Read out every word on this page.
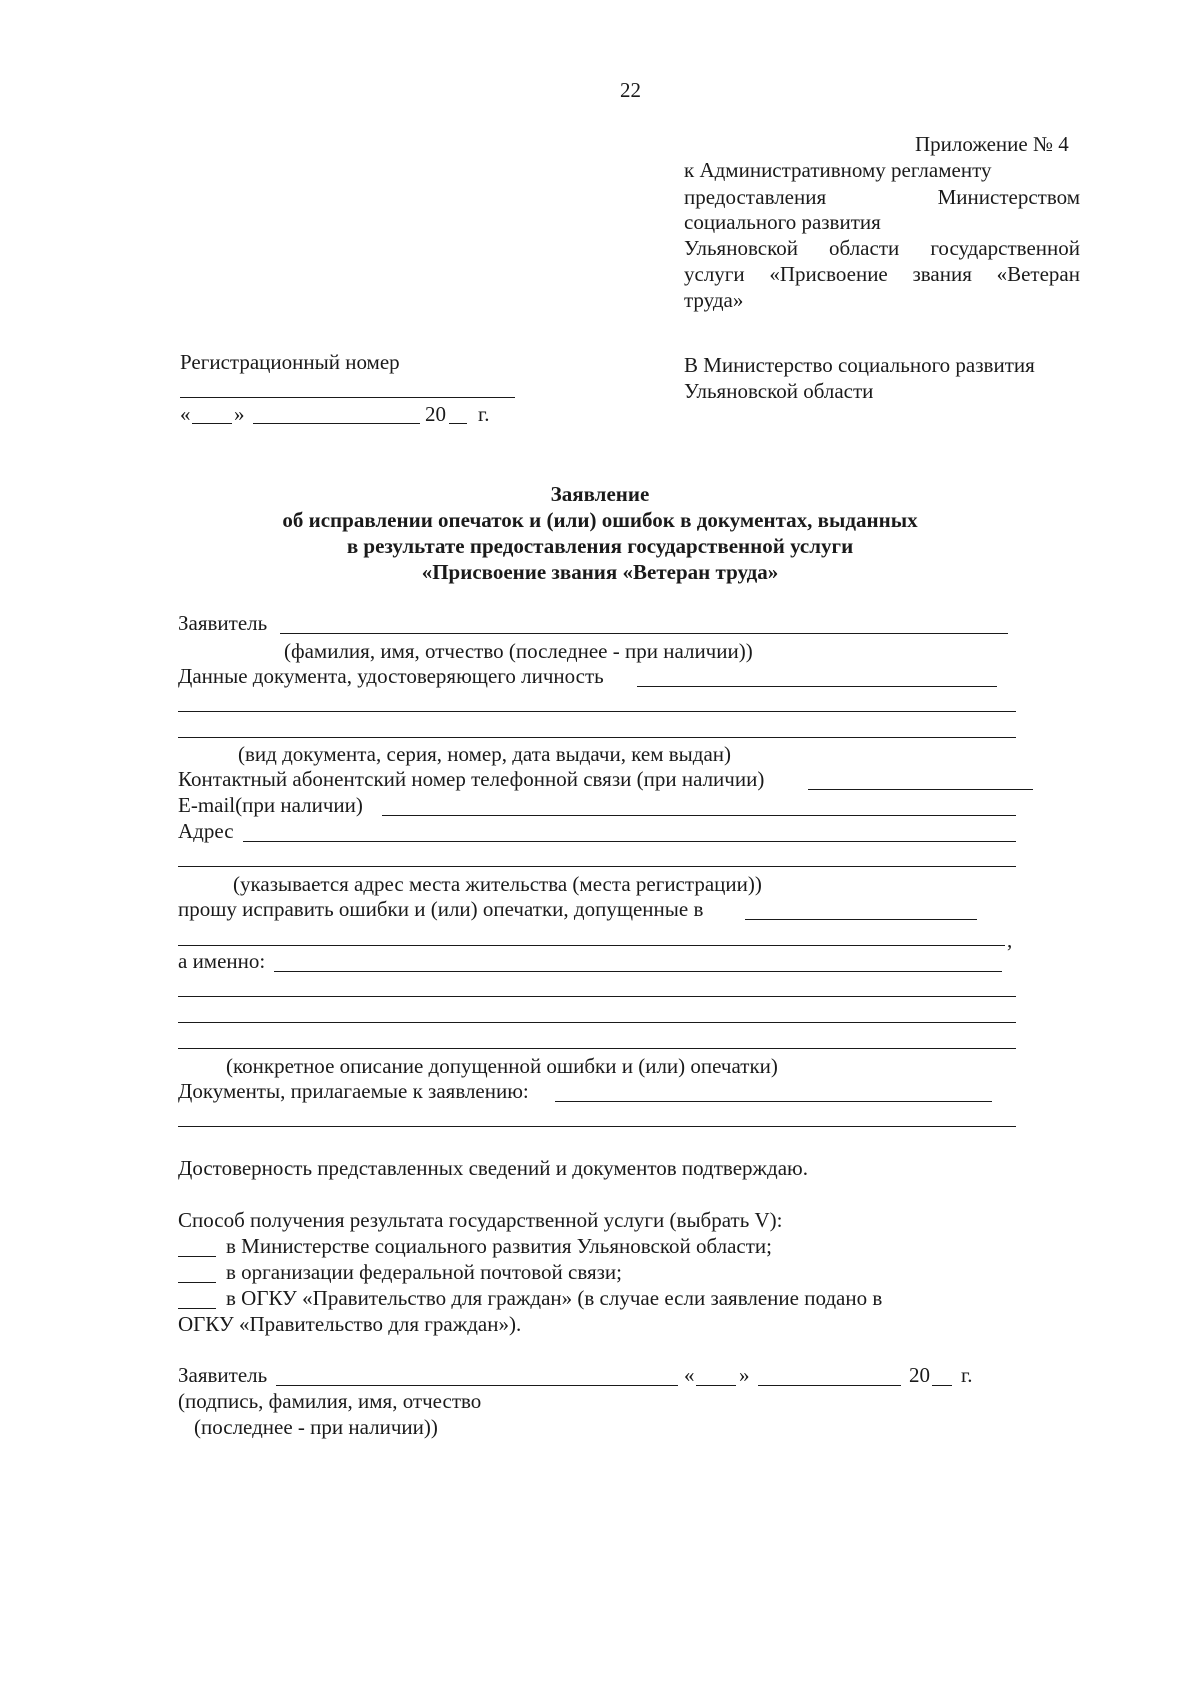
22
Приложение № 4
к Административному регламенту
предоставления Министерством
социального развития
Ульяновской области государственной
услуги «Присвоение звания «Ветеран
труда»
Регистрационный номер
« »	20 г.
В Министерство социального развития
Ульяновской области
Заявление
об исправлении опечаток и (или) ошибок в документах, выданных
в результате предоставления государственной услуги
«Присвоение звания «Ветеран труда»
Заявитель
(фамилия, имя, отчество (последнее - при наличии))
Данные документа, удостоверяющего личность
(вид документа, серия, номер, дата выдачи, кем выдан)
Контактный абонентский номер телефонной связи (при наличии)
E-mail(при наличии)
Адрес
(указывается адрес места жительства (места регистрации))
прошу исправить ошибки и (или) опечатки, допущенные в
,
а именно:
(конкретное описание допущенной ошибки и (или) опечатки)
Документы, прилагаемые к заявлению:
Достоверность представленных сведений и документов подтверждаю.
Способ получения результата государственной услуги (выбрать V):
в Министерстве социального развития Ульяновской области;
в организации федеральной почтовой связи;
в ОГКУ «Правительство для граждан» (в случае если заявление подано в
ОГКУ «Правительство для граждан»).
Заявитель	« »	20 г.
(подпись, фамилия, имя, отчество
(последнее - при наличии))
